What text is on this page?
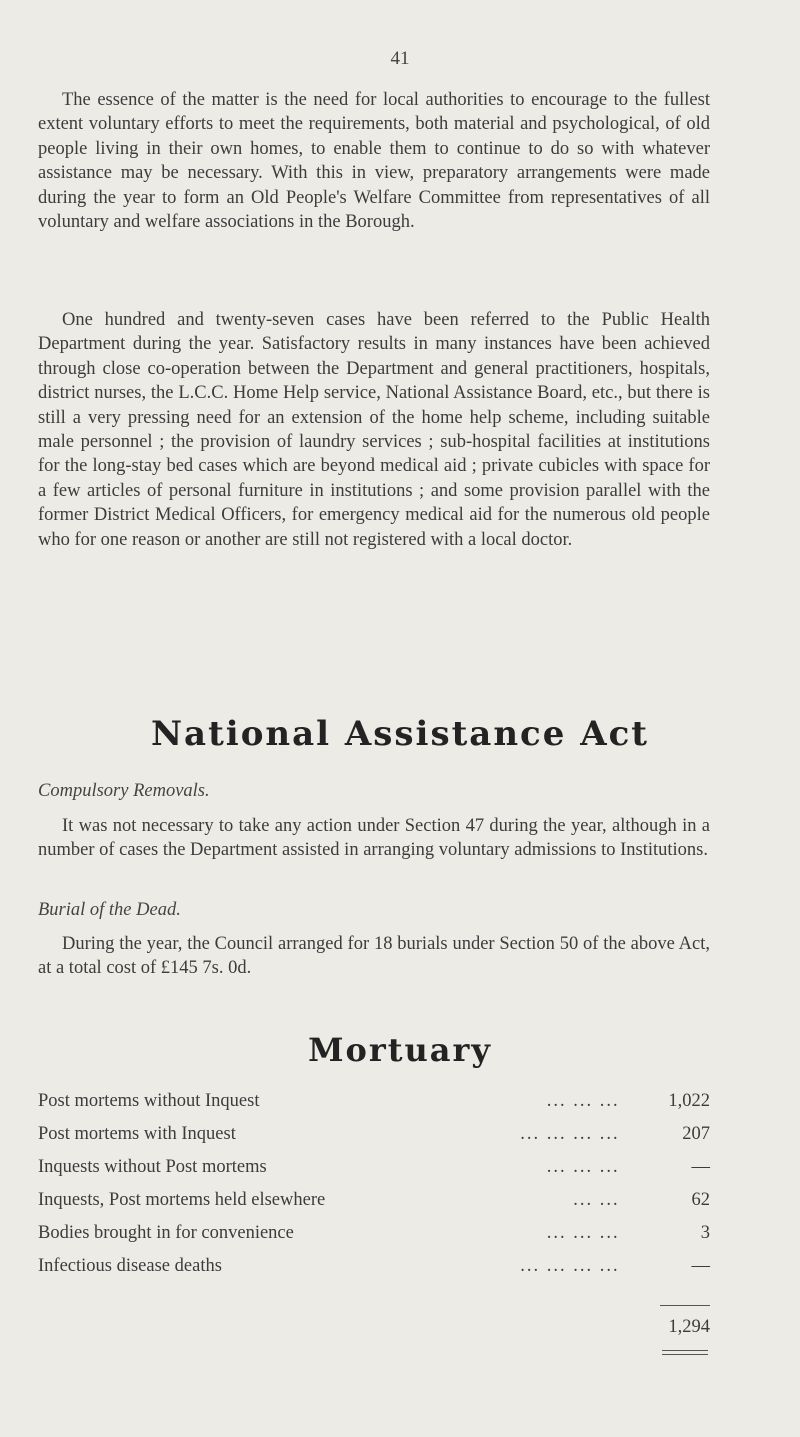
41

The essence of the matter is the need for local authorities to encourage to the fullest extent voluntary efforts to meet the requirements, both material and psychological, of old people living in their own homes, to enable them to continue to do so with whatever assistance may be necessary. With this in view, preparatory arrangements were made during the year to form an Old People's Welfare Committee from representatives of all voluntary and welfare associations in the Borough.

One hundred and twenty-seven cases have been referred to the Public Health Department during the year. Satisfactory results in many instances have been achieved through close co-operation between the Department and general practitioners, hospitals, district nurses, the L.C.C. Home Help service, National Assistance Board, etc., but there is still a very pressing need for an extension of the home help scheme, including suitable male personnel ; the provision of laundry services ; sub-hospital facilities at institutions for the long-stay bed cases which are beyond medical aid ; private cubicles with space for a few articles of personal furniture in institutions ; and some provision parallel with the former District Medical Officers, for emergency medical aid for the numerous old people who for one reason or another are still not registered with a local doctor.

National Assistance Act
Compulsory Removals.

It was not necessary to take any action under Section 47 during the year, although in a number of cases the Department assisted in arranging voluntary admissions to Institutions.

Burial of the Dead.

During the year, the Council arranged for 18 burials under Section 50 of the above Act, at a total cost of £145 7s. 0d.

Mortuary
Post mortems without Inquest	... ... ...	1,022
Post mortems with Inquest	... ... ... ...	207
Inquests without Post mortems	... ... ...	—
Inquests, Post mortems held elsewhere	... ...	62
Bodies brought in for convenience	... ... ...	3
Infectious disease deaths	... ... ... ...	—
1,294
